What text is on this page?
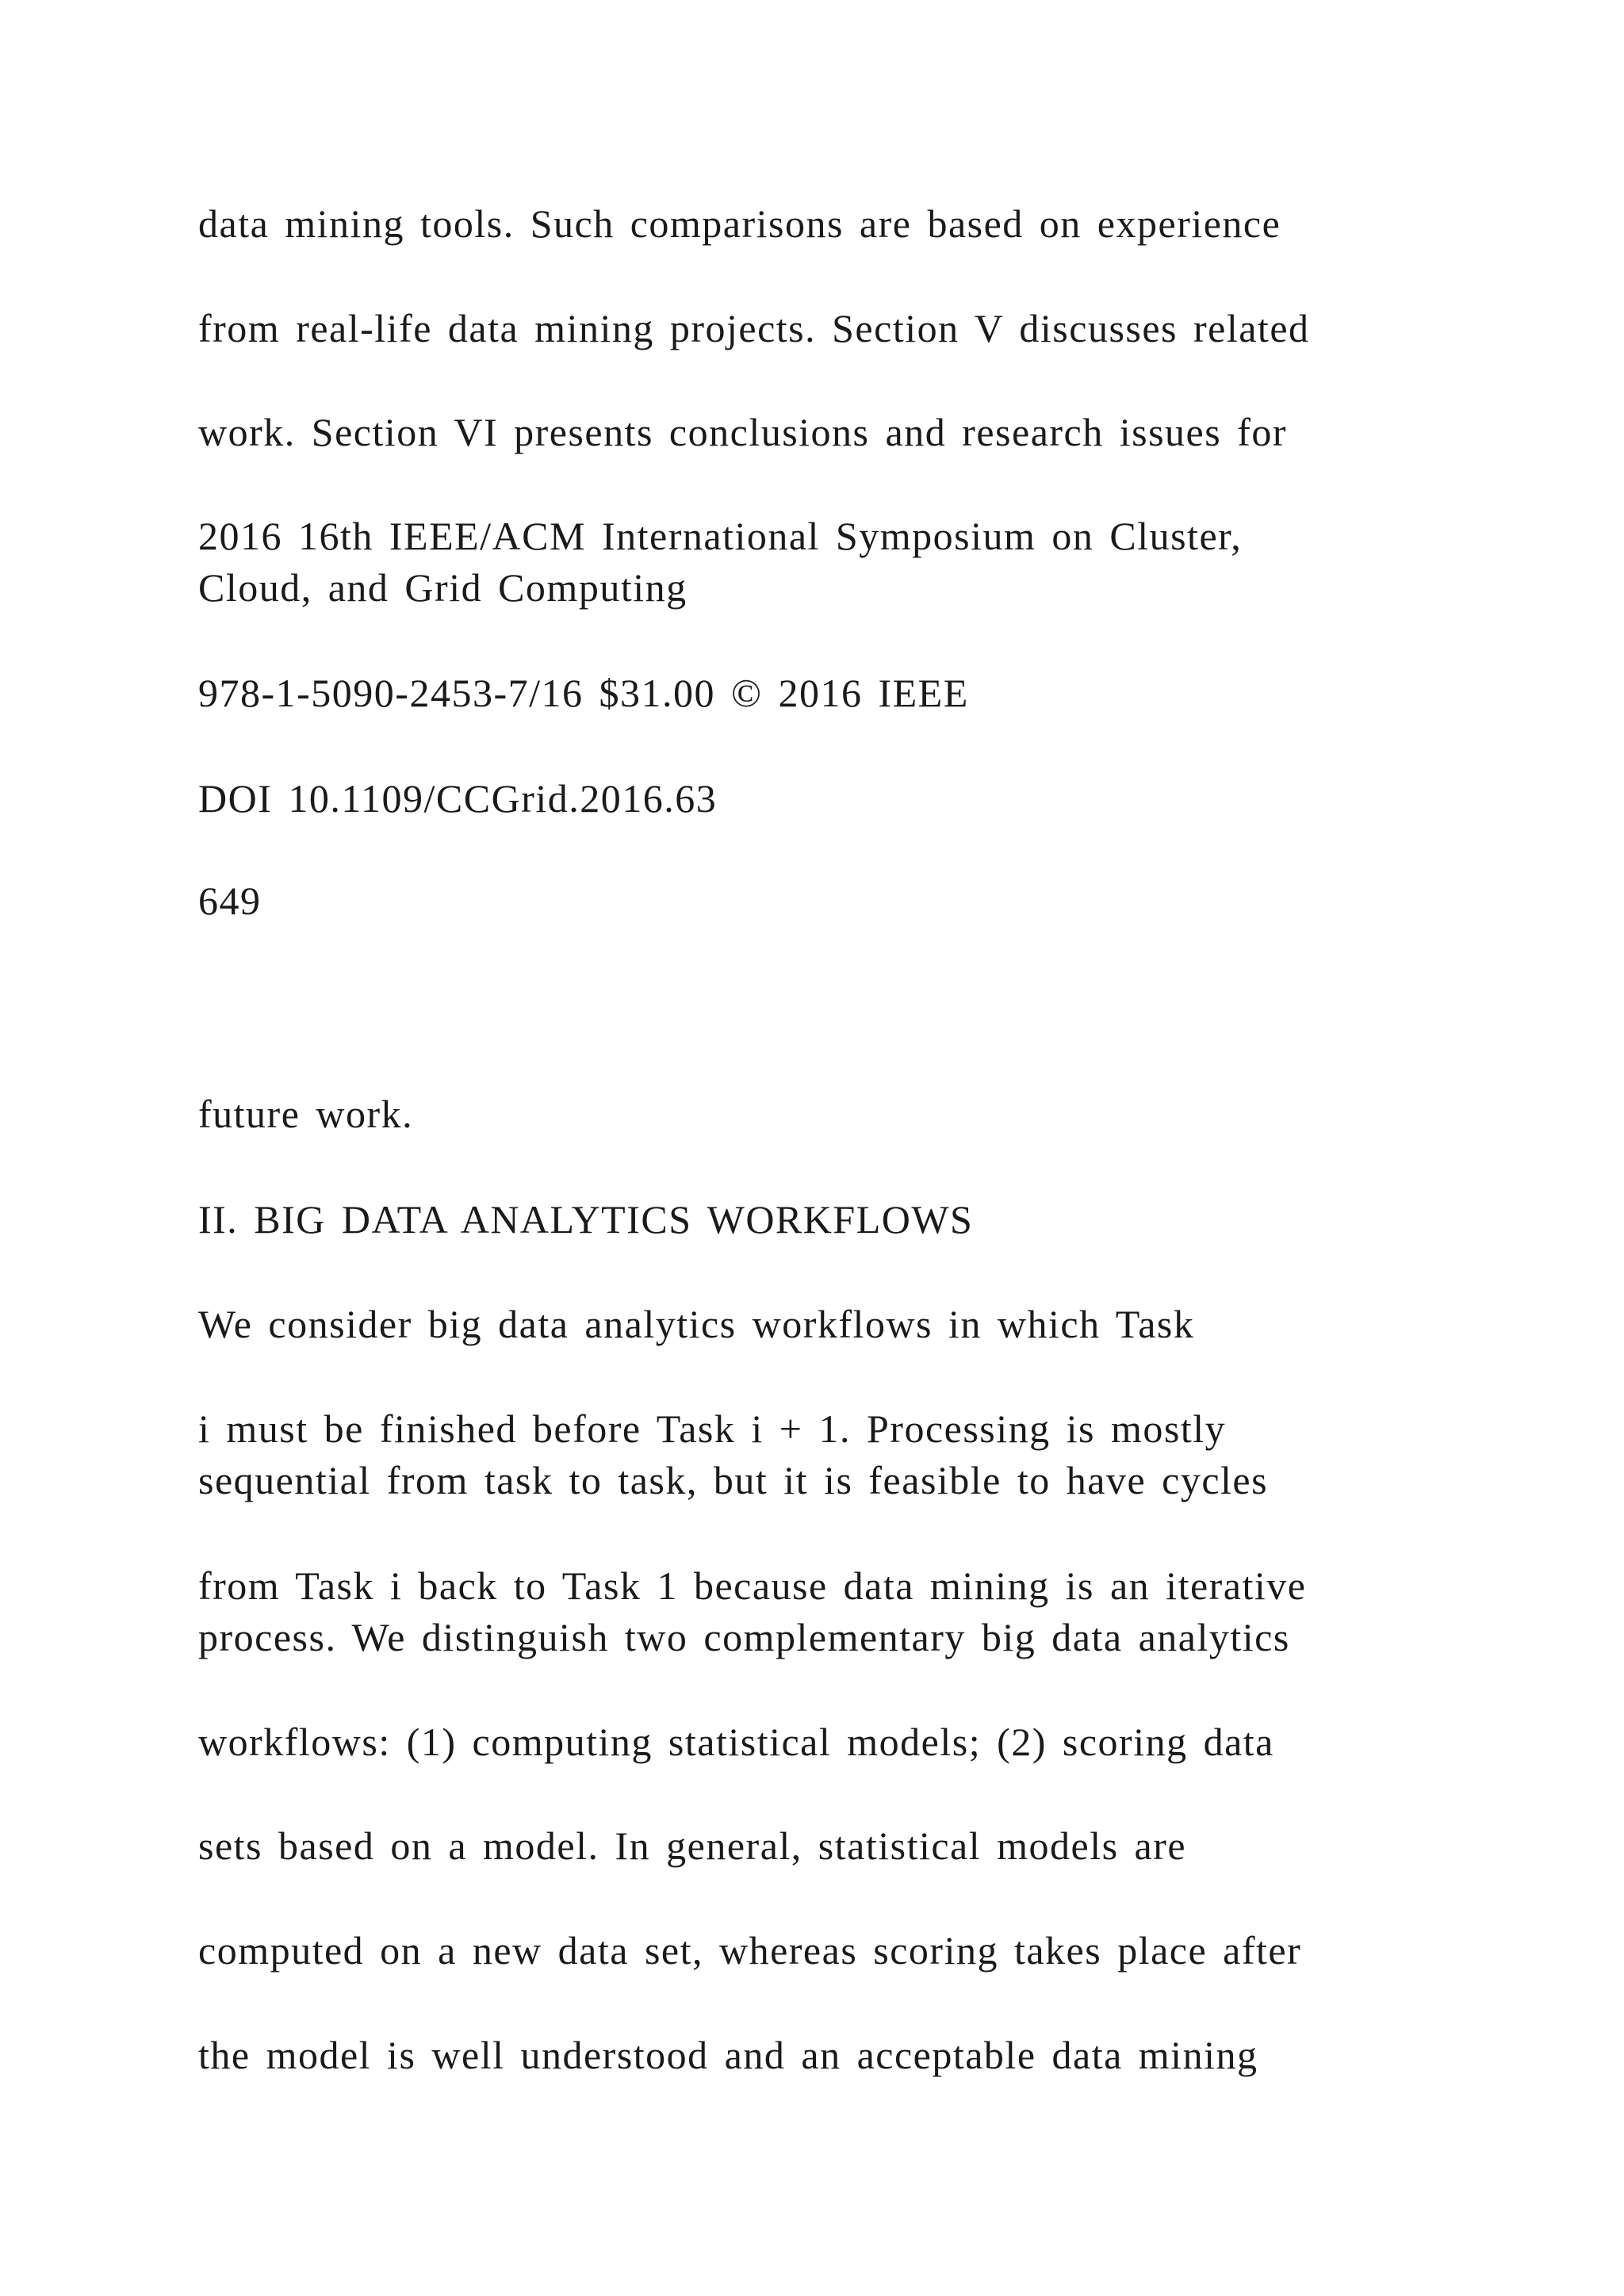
data mining tools. Such comparisons are based on experience

from real-life data mining projects. Section V discusses related

work. Section VI presents conclusions and research issues for

2016 16th IEEE/ACM International Symposium on Cluster,

Cloud, and Grid Computing

978-1-5090-2453-7/16 $31.00 © 2016 IEEE

DOI 10.1109/CCGrid.2016.63

649

future work.

II. BIG DATA ANALYTICS WORKFLOWS

We consider big data analytics workflows in which Task

i must be finished before Task i + 1. Processing is mostly

sequential from task to task, but it is feasible to have cycles

from Task i back to Task 1 because data mining is an iterative

process. We distinguish two complementary big data analytics

workflows: (1) computing statistical models; (2) scoring data

sets based on a model. In general, statistical models are

computed on a new data set, whereas scoring takes place after

the model is well understood and an acceptable data mining
